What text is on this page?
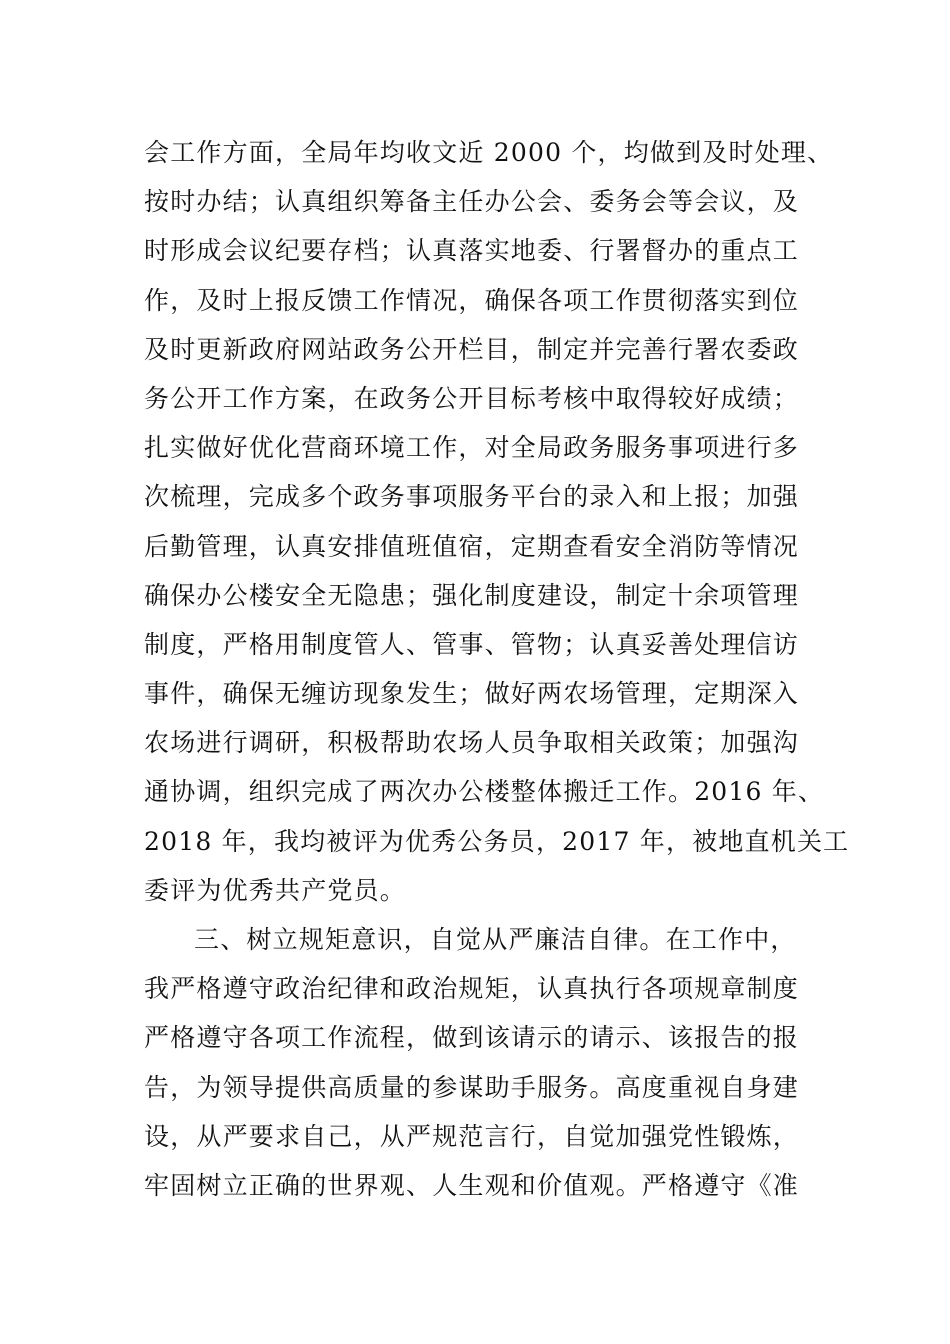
会工作方面，全局年均收文近 2000 个，均做到及时处理、
按时办结；认真组织筹备主任办公会、委务会等会议，及
时形成会议纪要存档；认真落实地委、行署督办的重点工
作，及时上报反馈工作情况，确保各项工作贯彻落实到位
及时更新政府网站政务公开栏目，制定并完善行署农委政
务公开工作方案，在政务公开目标考核中取得较好成绩；
扎实做好优化营商环境工作，对全局政务服务事项进行多
次梳理，完成多个政务事项服务平台的录入和上报；加强
后勤管理，认真安排值班值宿，定期查看安全消防等情况
确保办公楼安全无隐患；强化制度建设，制定十余项管理
制度，严格用制度管人、管事、管物；认真妥善处理信访
事件，确保无缠访现象发生；做好两农场管理，定期深入
农场进行调研，积极帮助农场人员争取相关政策；加强沟
通协调，组织完成了两次办公楼整体搬迁工作。2016 年、
2018 年，我均被评为优秀公务员，2017 年，被地直机关工
委评为优秀共产党员。
三、树立规矩意识，自觉从严廉洁自律。在工作中，
我严格遵守政治纪律和政治规矩，认真执行各项规章制度
严格遵守各项工作流程，做到该请示的请示、该报告的报
告，为领导提供高质量的参谋助手服务。高度重视自身建
设，从严要求自己，从严规范言行，自觉加强党性锻炼，
牢固树立正确的世界观、人生观和价值观。严格遵守《准
